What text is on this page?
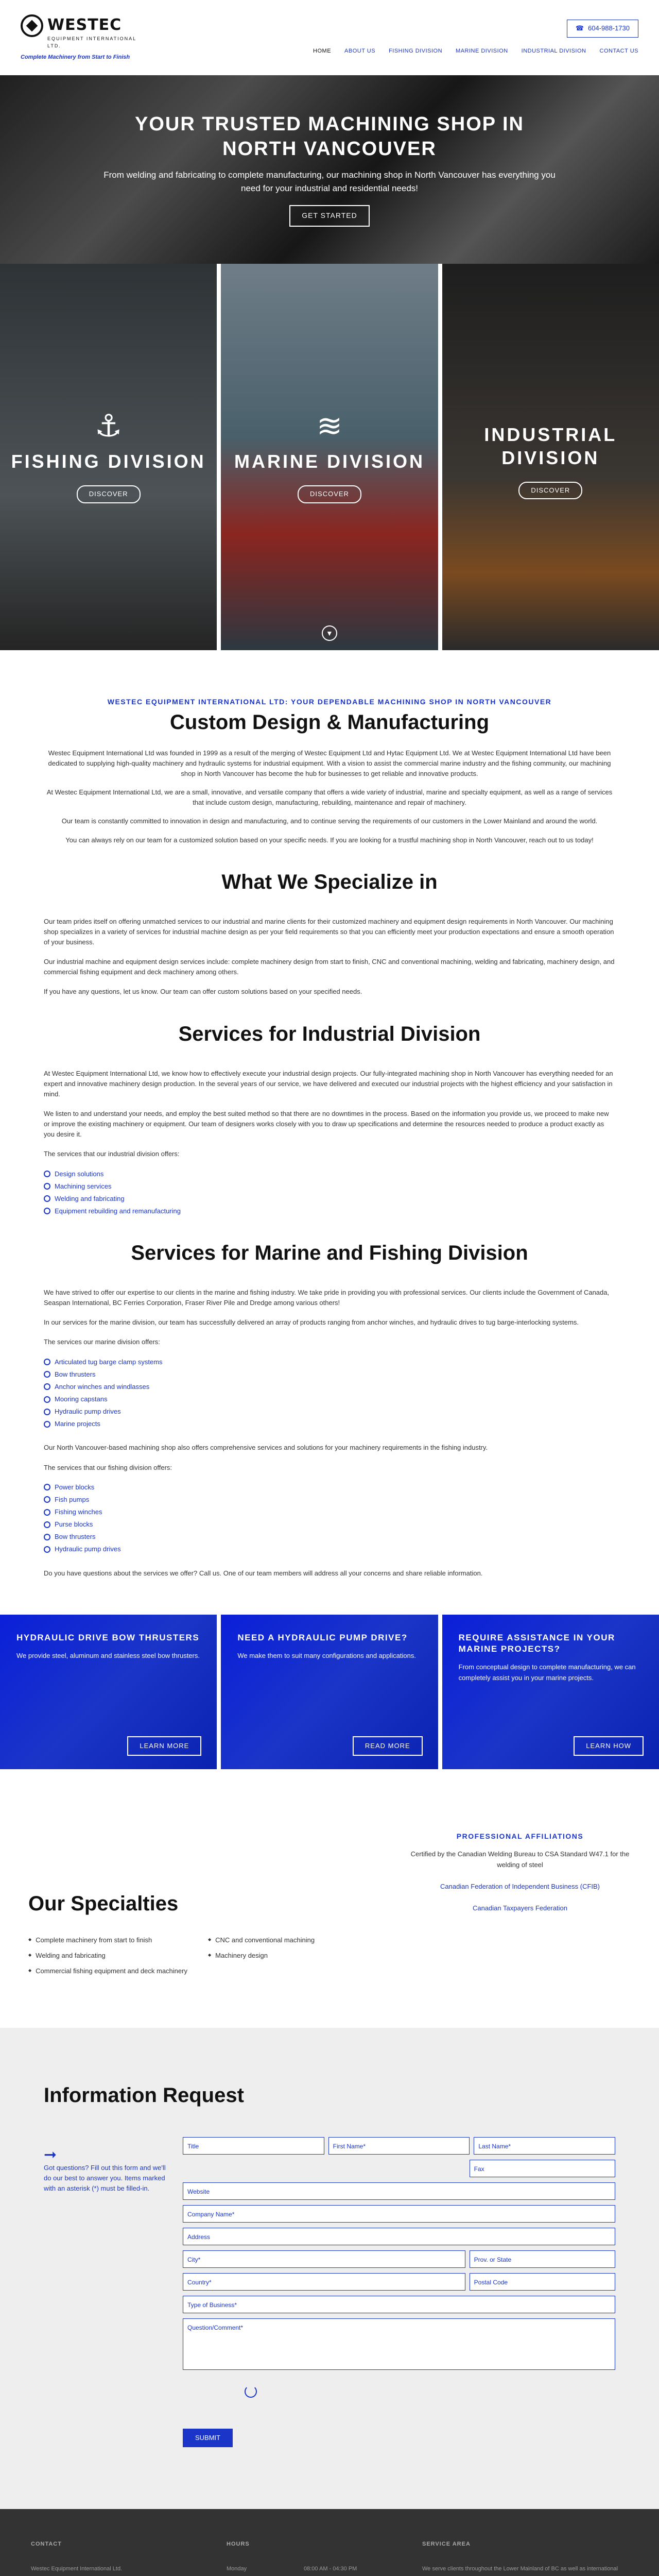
WESTEC
EQUIPMENT INTERNATIONAL LTD.
Complete Machinery from Start to Finish
☎ 604-988-1730
HOME ABOUT US FISHING DIVISION MARINE DIVISION INDUSTRIAL DIVISION CONTACT US
YOUR TRUSTED MACHINING SHOP IN NORTH VANCOUVER

From welding and fabricating to complete manufacturing, our machining shop in North Vancouver has everything you need for your industrial and residential needs!

GET STARTED
⚓︎
FISHING DIVISION
DISCOVER
≋
MARINE DIVISION
DISCOVER
▼
INDUSTRIAL DIVISION
DISCOVER
WESTEC EQUIPMENT INTERNATIONAL LTD: YOUR DEPENDABLE MACHINING SHOP IN NORTH VANCOUVER
Custom Design & Manufacturing

Westec Equipment International Ltd was founded in 1999 as a result of the merging of Westec Equipment Ltd and Hytac Equipment Ltd. We at Westec Equipment International Ltd have been dedicated to supplying high-quality machinery and hydraulic systems for industrial equipment. With a vision to assist the commercial marine industry and the fishing community, our machining shop in North Vancouver has become the hub for businesses to get reliable and innovative products.

At Westec Equipment International Ltd, we are a small, innovative, and versatile company that offers a wide variety of industrial, marine and specialty equipment, as well as a range of services that include custom design, manufacturing, rebuilding, maintenance and repair of machinery.

Our team is constantly committed to innovation in design and manufacturing, and to continue serving the requirements of our customers in the Lower Mainland and around the world.

You can always rely on our team for a customized solution based on your specific needs. If you are looking for a trustful machining shop in North Vancouver, reach out to us today!

What We Specialize in

Our team prides itself on offering unmatched services to our industrial and marine clients for their customized machinery and equipment design requirements in North Vancouver. Our machining shop specializes in a variety of services for industrial machine design as per your field requirements so that you can efficiently meet your production expectations and ensure a smooth operation of your business.

Our industrial machine and equipment design services include: complete machinery design from start to finish, CNC and conventional machining, welding and fabricating, machinery design, and commercial fishing equipment and deck machinery among others.

If you have any questions, let us know. Our team can offer custom solutions based on your specified needs.

Services for Industrial Division

At Westec Equipment International Ltd, we know how to effectively execute your industrial design projects. Our fully-integrated machining shop in North Vancouver has everything needed for an expert and innovative machinery design production. In the several years of our service, we have delivered and executed our industrial projects with the highest efficiency and your satisfaction in mind.

We listen to and understand your needs, and employ the best suited method so that there are no downtimes in the process. Based on the information you provide us, we proceed to make new or improve the existing machinery or equipment. Our team of designers works closely with you to draw up specifications and determine the resources needed to produce a product exactly as you desire it.

The services that our industrial division offers:

Design solutions
Machining services
Welding and fabricating
Equipment rebuilding and remanufacturing
Services for Marine and Fishing Division

We have strived to offer our expertise to our clients in the marine and fishing industry. We take pride in providing you with professional services. Our clients include the Government of Canada, Seaspan International, BC Ferries Corporation, Fraser River Pile and Dredge among various others!

In our services for the marine division, our team has successfully delivered an array of products ranging from anchor winches, and hydraulic drives to tug barge-interlocking systems.

The services our marine division offers:

Articulated tug barge clamp systems
Bow thrusters
Anchor winches and windlasses
Mooring capstans
Hydraulic pump drives
Marine projects

Our North Vancouver-based machining shop also offers comprehensive services and solutions for your machinery requirements in the fishing industry.

The services that our fishing division offers:

Power blocks
Fish pumps
Fishing winches
Purse blocks
Bow thrusters
Hydraulic pump drives

Do you have questions about the services we offer? Call us. One of our team members will address all your concerns and share reliable information.

HYDRAULIC DRIVE BOW THRUSTERS

We provide steel, aluminum and stainless steel bow thrusters.

LEARN MORE
NEED A HYDRAULIC PUMP DRIVE?

We make them to suit many configurations and applications.

READ MORE
REQUIRE ASSISTANCE IN YOUR MARINE PROJECTS?

From conceptual design to complete manufacturing, we can completely assist you in your marine projects.

LEARN HOW
Our Specialties
◆ Complete machinery from start to finish
◆ Welding and fabricating
◆ Commercial fishing equipment and deck machinery
◆ CNC and conventional machining
◆ Machinery design
PROFESSIONAL AFFILIATIONS

Certified by the Canadian Welding Bureau to CSA Standard W47.1 for the welding of steel

Canadian Federation of Independent Business (CFIB)

Canadian Taxpayers Federation

Information Request
➞

Got questions? Fill out this form and we'll do our best to answer you. Items marked with an asterisk (*) must be filled-in.

Title	First Name*	Last Name*
Fax
Website
Company Name*
Address
City*	Prov. or State
Country*	Postal Code
Type of Business*
Question/Comment*
SUBMIT
CONTACT

Westec Equipment International Ltd.

HOURS
Monday	08:00 AM - 04:30 PM
SERVICE AREA

We serve clients throughout the Lower Mainland of BC as well as international
